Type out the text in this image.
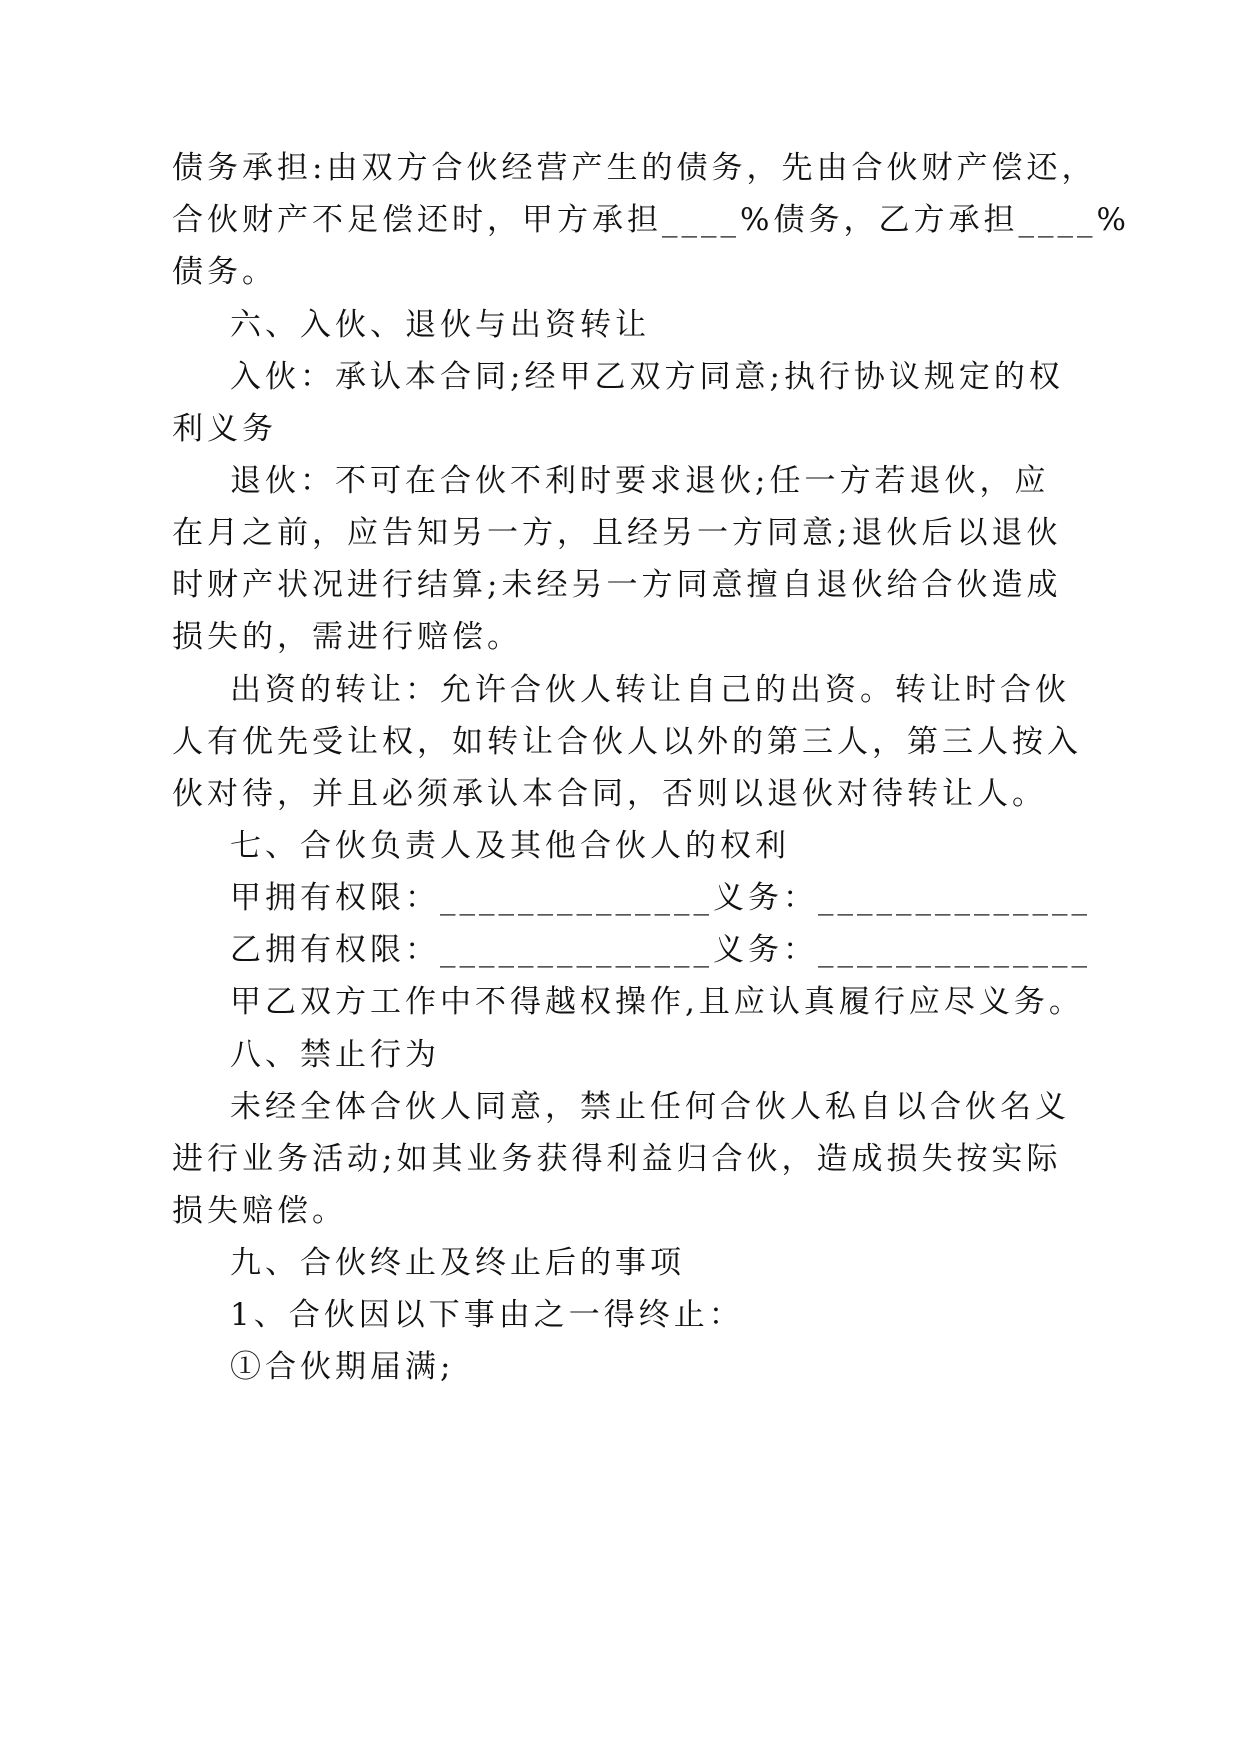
债务承担:由双方合伙经营产生的债务，先由合伙财产偿还，
合伙财产不足偿还时，甲方承担____%债务，乙方承担____%
债务。
六、入伙、退伙与出资转让
入伙：承认本合同;经甲乙双方同意;执行协议规定的权
利义务
退伙：不可在合伙不利时要求退伙;任一方若退伙，应
在月之前，应告知另一方，且经另一方同意;退伙后以退伙
时财产状况进行结算;未经另一方同意擅自退伙给合伙造成
损失的，需进行赔偿。
出资的转让：允许合伙人转让自己的出资。转让时合伙
人有优先受让权，如转让合伙人以外的第三人，第三人按入
伙对待，并且必须承认本合同，否则以退伙对待转让人。
七、合伙负责人及其他合伙人的权利
甲拥有权限：______________义务：______________
乙拥有权限：______________义务：______________
甲乙双方工作中不得越权操作,且应认真履行应尽义务。
八、禁止行为
未经全体合伙人同意，禁止任何合伙人私自以合伙名义
进行业务活动;如其业务获得利益归合伙，造成损失按实际
损失赔偿。
九、合伙终止及终止后的事项
1、合伙因以下事由之一得终止：
①合伙期届满;
